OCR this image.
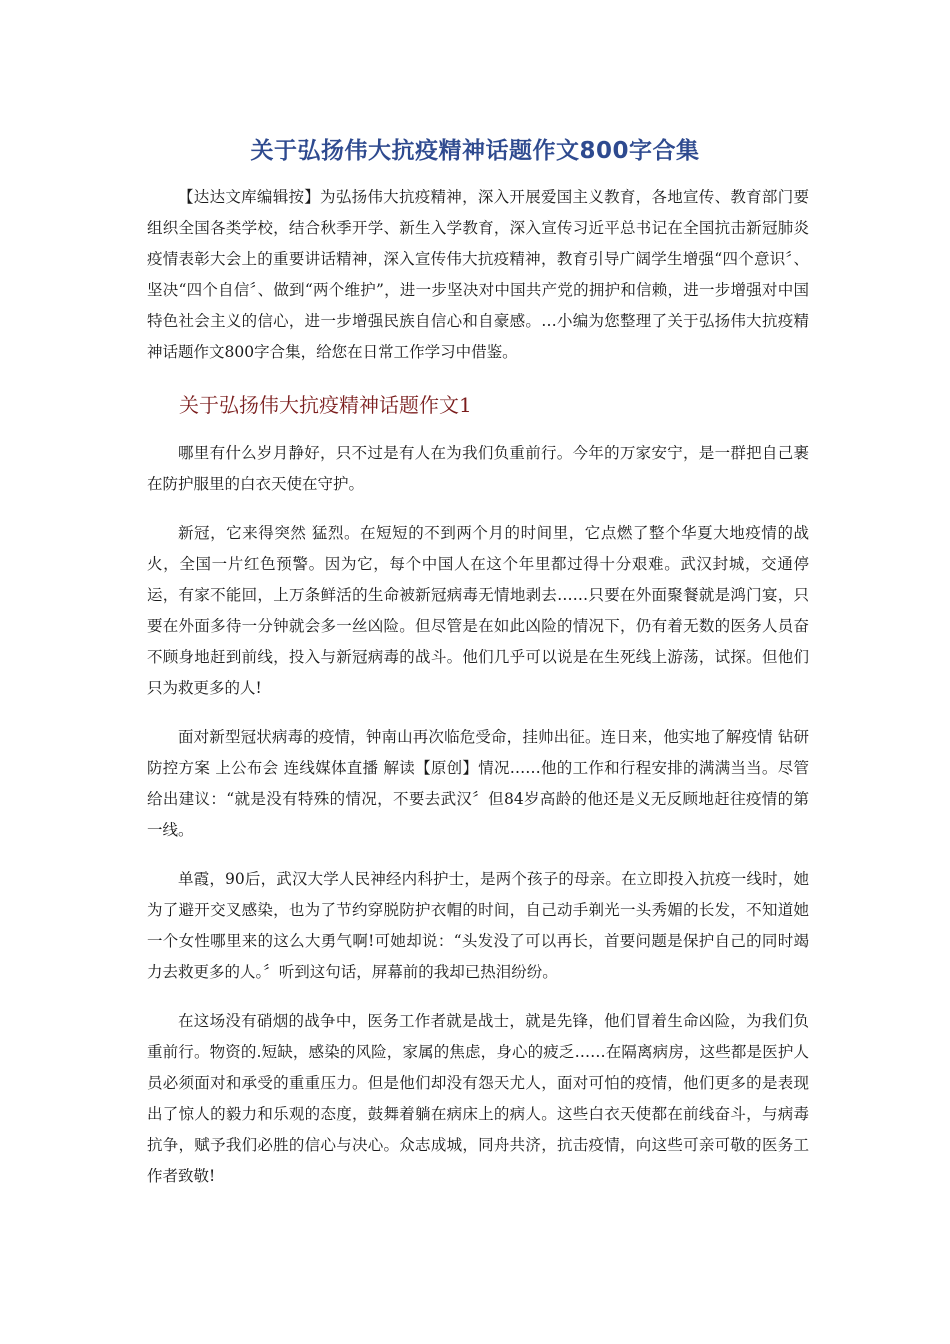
关于弘扬伟大抗疫精神话题作文800字合集

【达达文库编辑按】为弘扬伟大抗疫精神，深入开展爱国主义教育，各地宣传、教育部门要组织全国各类学校，结合秋季开学、新生入学教育，深入宣传习近平总书记在全国抗击新冠肺炎疫情表彰大会上的重要讲话精神，深入宣传伟大抗疫精神，教育引导广阔学生增强“四个意识〞、坚决“四个自信〞、做到“两个维护”，进一步坚决对中国共产党的拥护和信赖，进一步增强对中国特色社会主义的信心，进一步增强民族自信心和自豪感。…小编为您整理了关于弘扬伟大抗疫精神话题作文800字合集，给您在日常工作学习中借鉴。

关于弘扬伟大抗疫精神话题作文1

哪里有什么岁月静好，只不过是有人在为我们负重前行。今年的万家安宁，是一群把自己裹在防护服里的白衣天使在守护。

新冠，它来得突然 猛烈。在短短的不到两个月的时间里，它点燃了整个华夏大地疫情的战火，全国一片红色预警。因为它，每个中国人在这个年里都过得十分艰难。武汉封城，交通停运，有家不能回，上万条鲜活的生命被新冠病毒无情地剥去……只要在外面聚餐就是鸿门宴，只要在外面多待一分钟就会多一丝凶险。但尽管是在如此凶险的情况下，仍有着无数的医务人员奋不顾身地赶到前线，投入与新冠病毒的战斗。他们几乎可以说是在生死线上游荡，试探。但他们只为救更多的人!

面对新型冠状病毒的疫情，钟南山再次临危受命，挂帅出征。连日来，他实地了解疫情 钻研防控方案 上公布会 连线媒体直播 解读【原创】情况……他的工作和行程安排的满满当当。尽管给出建议：“就是没有特殊的情况，不要去武汉〞但84岁高龄的他还是义无反顾地赶往疫情的第一线。

单霞，90后，武汉大学人民神经内科护士，是两个孩子的母亲。在立即投入抗疫一线时，她为了避开交叉感染，也为了节约穿脱防护衣帽的时间，自己动手剃光一头秀媚的长发，不知道她一个女性哪里来的这么大勇气啊!可她却说：“头发没了可以再长，首要问题是保护自己的同时竭力去救更多的人。〞听到这句话，屏幕前的我却已热泪纷纷。

在这场没有硝烟的战争中，医务工作者就是战士，就是先锋，他们冒着生命凶险，为我们负重前行。物资的.短缺，感染的风险，家属的焦虑，身心的疲乏……在隔离病房，这些都是医护人员必须面对和承受的重重压力。但是他们却没有怨天尤人，面对可怕的疫情，他们更多的是表现出了惊人的毅力和乐观的态度，鼓舞着躺在病床上的病人。这些白衣天使都在前线奋斗，与病毒抗争，赋予我们必胜的信心与决心。众志成城，同舟共济，抗击疫情，向这些可亲可敬的医务工作者致敬!
